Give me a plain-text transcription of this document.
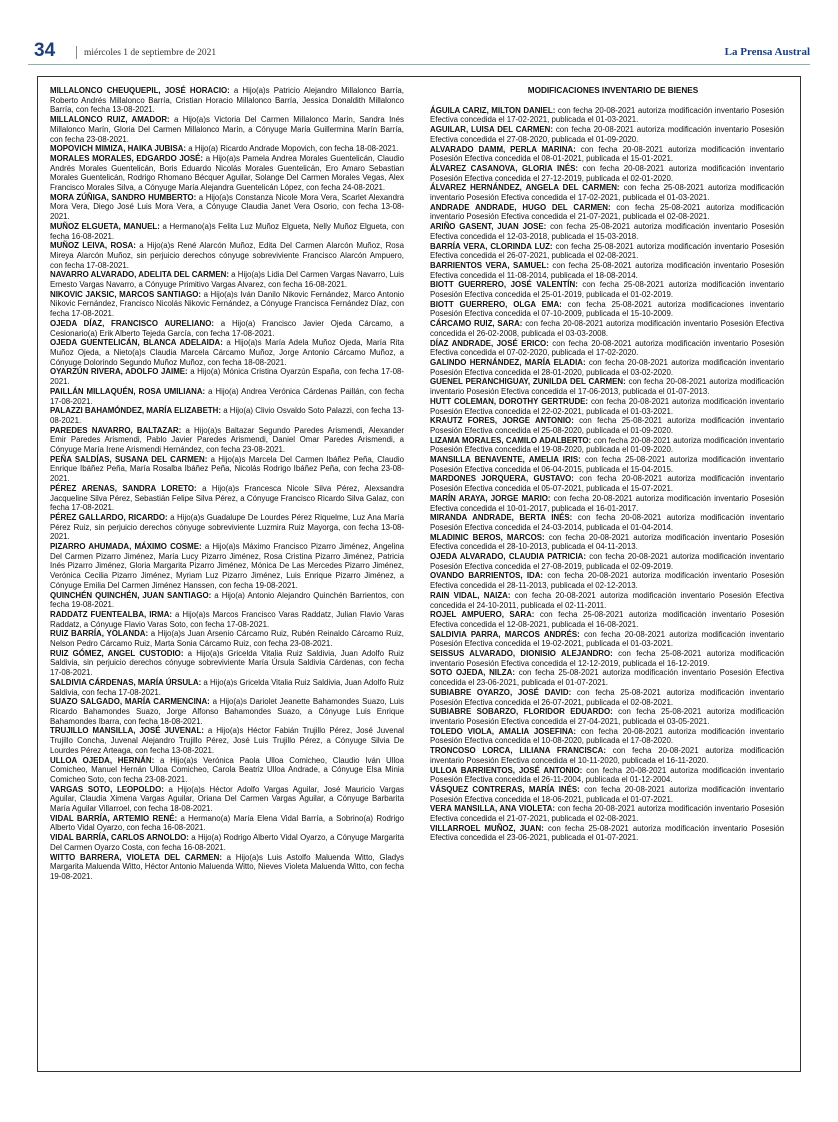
34	miércoles 1 de septiembre de 2021	La Prensa Austral

MILLALONCO CHEUQUEPIL, JOSÉ HORACIO: a Hijo(a)s Patricio Alejandro Millalonco Barría, Roberto Andrés Millalonco Barría, Cristian Horacio Millalonco Barría, Jessica Donaldith Millalonco Barría, con fecha 13-08-2021.

MILLALONCO RUIZ, AMADOR: a Hijo(a)s Victoria Del Carmen Millalonco Marín, Sandra Inés Millalonco Marín, Gloria Del Carmen Millalonco Marín, a Cónyuge María Guillermina Marín Barría, con fecha 23-08-2021.

MOPOVICH MIMIZA, HAIKA JUBISA: a Hijo(a) Ricardo Andrade Mopovich, con fecha 18-08-2021.

MORALES MORALES, EDGARDO JOSÉ: a Hijo(a)s Pamela Andrea Morales Guentelicán, Claudio Andrés Morales Guentelicán, Boris Eduardo Nicolás Morales Guentelicán, Ero Amaro Sebastian Morales Guentelicán, Rodrigo Rhomano Bécquer Aguilar, Solange Del Carmen Morales Vegas, Alex Francisco Morales Silva, a Cónyuge María Alejandra Guentelicán López, con fecha 24-08-2021.

MORA ZÚÑIGA, SANDRO HUMBERTO: a Hijo(a)s Constanza Nicole Mora Vera, Scarlet Alexandra Mora Vera, Diego José Luis Mora Vera, a Cónyuge Claudia Janet Vera Osorio, con fecha 13-08-2021.

MUÑOZ ELGUETA, MANUEL: a Hermano(a)s Felita Luz Muñoz Elgueta, Nelly Muñoz Elgueta, con fecha 16-08-2021.

MUÑOZ LEIVA, ROSA: a Hijo(a)s René Alarcón Muñoz, Edita Del Carmen Alarcón Muñoz, Rosa Mireya Alarcón Muñoz, sin perjuicio derechos cónyuge sobreviviente Francisco Alarcón Ampuero, con fecha 17-08-2021.

NAVARRO ALVARADO, ADELITA DEL CARMEN: a Hijo(a)s Lidia Del Carmen Vargas Navarro, Luis Ernesto Vargas Navarro, a Cónyuge Primitivo Vargas Alvarez, con fecha 16-08-2021.

NIKOVIC JAKSIC, MARCOS SANTIAGO: a Hijo(a)s Iván Danilo Nikovic Fernández, Marco Antonio Nikovic Fernández, Francisco Nicolás Nikovic Fernández, a Cónyuge Francisca Fernández Díaz, con fecha 17-08-2021.

OJEDA DÍAZ, FRANCISCO AURELIANO: a Hijo(a) Francisco Javier Ojeda Cárcamo, a Cesionario(a) Erik Alberto Tejeda García, con fecha 17-08-2021.

OJEDA GUENTELICÁN, BLANCA ADELAIDA: a Hijo(a)s María Adela Muñoz Ojeda, María Rita Muñoz Ojeda, a Nieto(a)s Claudia Marcela Cárcamo Muñoz, Jorge Antonio Cárcamo Muñoz, a Cónyuge Dolorindo Segundo Muñoz Muñoz, con fecha 18-08-2021.

OYARZÚN RIVERA, ADOLFO JAIME: a Hijo(a) Mónica Cristina Oyarzún España, con fecha 17-08-2021.

PAILLÁN MILLAQUÉN, ROSA UMILIANA: a Hijo(a) Andrea Verónica Cárdenas Paillán, con fecha 17-08-2021.

PALAZZI BAHAMÓNDEZ, MARÍA ELIZABETH: a Hijo(a) Clivio Osvaldo Soto Palazzi, con fecha 13-08-2021.

PAREDES NAVARRO, BALTAZAR: a Hijo(a)s Baltazar Segundo Paredes Arismendi, Alexander Emir Paredes Arismendi, Pablo Javier Paredes Arismendi, Daniel Omar Paredes Arismendi, a Cónyuge María Irene Arismendi Hernández, con fecha 23-08-2021.

PEÑA SALDÍAS, SUSANA DEL CARMEN: a Hijo(a)s Marcela Del Carmen Ibáñez Peña, Claudio Enrique Ibáñez Peña, María Rosalba Ibáñez Peña, Nicolás Rodrigo Ibáñez Peña, con fecha 23-08-2021.

PÉREZ ARENAS, SANDRA LORETO: a Hijo(a)s Francesca Nicole Silva Pérez, Alexsandra Jacqueline Silva Pérez, Sebastián Felipe Silva Pérez, a Cónyuge Francisco Ricardo Silva Galaz, con fecha 17-08-2021.

PÉREZ GALLARDO, RICARDO: a Hijo(a)s Guadalupe De Lourdes Pérez Riquelme, Luz Ana María Pérez Ruiz, sin perjuicio derechos cónyuge sobreviviente Luzmira Ruiz Mayorga, con fecha 13-08-2021.

PIZARRO AHUMADA, MÁXIMO COSME: a Hijo(a)s Máximo Francisco Pizarro Jiménez, Angelina Del Carmen Pizarro Jiménez, María Lucy Pizarro Jiménez, Rosa Cristina Pizarro Jiménez, Patricia Inés Pizarro Jiménez, Gloria Margarita Pizarro Jiménez, Mónica De Las Mercedes Pizarro Jiménez, Verónica Cecilia Pizarro Jiménez, Myriam Luz Pizarro Jiménez, Luis Enrique Pizarro Jiménez, a Cónyuge Emilia Del Carmen Jiménez Hanssen, con fecha 19-08-2021.

QUINCHÉN QUINCHÉN, JUAN SANTIAGO: a Hijo(a) Antonio Alejandro Quinchén Barrientos, con fecha 19-08-2021.

RADDATZ FUENTEALBA, IRMA: a Hijo(a)s Marcos Francisco Varas Raddatz, Julian Flavio Varas Raddatz, a Cónyuge Flavio Varas Soto, con fecha 17-08-2021.

RUIZ BARRÍA, YOLANDA: a Hijo(a)s Juan Arsenio Cárcamo Ruiz, Rubén Reinaldo Cárcamo Ruiz, Nelson Pedro Cárcamo Ruiz, Marta Sonia Cárcamo Ruiz, con fecha 23-08-2021.

RUIZ GÓMEZ, ANGEL CUSTODIO: a Hijo(a)s Gricelda Vitalia Ruiz Saldivia, Juan Adolfo Ruiz Saldivia, sin perjuicio derechos cónyuge sobreviviente María Úrsula Saldivia Cárdenas, con fecha 17-08-2021.

SALDIVIA CÁRDENAS, MARÍA ÚRSULA: a Hijo(a)s Gricelda Vitalia Ruiz Saldivia, Juan Adolfo Ruiz Saldivia, con fecha 17-08-2021.

SUAZO SALGADO, MARÍA CARMENCINA: a Hijo(a)s Dariolet Jeanette Bahamondes Suazo, Luis Ricardo Bahamondes Suazo, Jorge Alfonso Bahamondes Suazo, a Cónyuge Luis Enrique Bahamondes Ibarra, con fecha 18-08-2021.

TRUJILLO MANSILLA, JOSÉ JUVENAL: a Hijo(a)s Héctor Fabián Trujillo Pérez, José Juvenal Trujillo Concha, Juvenal Alejandro Trujillo Pérez, José Luis Trujillo Pérez, a Cónyuge Silvia De Lourdes Pérez Arteaga, con fecha 13-08-2021.

ULLOA OJEDA, HERNÁN: a Hijo(a)s Verónica Paola Ulloa Comicheo, Claudio Iván Ulloa Comicheo, Manuel Hernán Ulloa Comicheo, Carola Beatriz Ulloa Andrade, a Cónyuge Elsa Minia Comicheo Soto, con fecha 23-08-2021.

VARGAS SOTO, LEOPOLDO: a Hijo(a)s Héctor Adolfo Vargas Aguilar, José Mauricio Vargas Aguilar, Claudia Ximena Vargas Aguilar, Oriana Del Carmen Vargas Aguilar, a Cónyuge Barbarita María Aguilar Villarroel, con fecha 18-08-2021.

VIDAL BARRÍA, ARTEMIO RENÉ: a Hermano(a) María Elena Vidal Barría, a Sobrino(a) Rodrigo Alberto Vidal Oyarzo, con fecha 16-08-2021.

VIDAL BARRÍA, CARLOS ARNOLDO: a Hijo(a) Rodrigo Alberto Vidal Oyarzo, a Cónyuge Margarita Del Carmen Oyarzo Costa, con fecha 16-08-2021.

WITTO BARRERA, VIOLETA DEL CARMEN: a Hijo(a)s Luis Astolfo Maluenda Witto, Gladys Margarita Maluenda Witto, Héctor Antonio Maluenda Witto, Nieves Violeta Maluenda Witto, con fecha 19-08-2021.

MODIFICACIONES INVENTARIO DE BIENES

ÁGUILA CARIZ, MILTON DANIEL: con fecha 20-08-2021 autoriza modificación inventario Posesión Efectiva concedida el 17-02-2021, publicada el 01-03-2021.

AGUILAR, LUISA DEL CARMEN: con fecha 20-08-2021 autoriza modificación inventario Posesión Efectiva concedida el 27-08-2020, publicada el 01-09-2020.

ALVARADO DAMM, PERLA MARINA: con fecha 20-08-2021 autoriza modificación inventario Posesión Efectiva concedida el 08-01-2021, publicada el 15-01-2021.

ÁLVAREZ CASANOVA, GLORIA INÉS: con fecha 20-08-2021 autoriza modificación inventario Posesión Efectiva concedida el 27-12-2019, publicada el 02-01-2020.

ÁLVAREZ HERNÁNDEZ, ANGELA DEL CARMEN: con fecha 25-08-2021 autoriza modificación inventario Posesión Efectiva concedida el 17-02-2021, publicada el 01-03-2021.

ANDRADE ANDRADE, HUGO DEL CARMEN: con fecha 25-08-2021 autoriza modificación inventario Posesión Efectiva concedida el 21-07-2021, publicada el 02-08-2021.

ARIÑO GASENT, JUAN JOSE: con fecha 25-08-2021 autoriza modificación inventario Posesión Efectiva concedida el 12-03-2018, publicada el 15-03-2018.

BARRÍA VERA, CLORINDA LUZ: con fecha 25-08-2021 autoriza modificación inventario Posesión Efectiva concedida el 26-07-2021, publicada el 02-08-2021.

BARRIENTOS VERA, SAMUEL: con fecha 25-08-2021 autoriza modificación inventario Posesión Efectiva concedida el 11-08-2014, publicada el 18-08-2014.

BIOTT GUERRERO, JOSÉ VALENTÍN: con fecha 25-08-2021 autoriza modificación inventario Posesión Efectiva concedida el 25-01-2019, publicada el 01-02-2019.

BIOTT GUERRERO, OLGA EMA: con fecha 25-08-2021 autoriza modificaciones inventario Posesión Efectiva concedida el 07-10-2009, publicada el 15-10-2009.

CÁRCAMO RUIZ, SARA: con fecha 20-08-2021 autoriza modificación inventario Posesión Efectiva concedida el 26-02-2008, publicada el 03-03-2008.

DÍAZ ANDRADE, JOSÉ ERICO: con fecha 20-08-2021 autoriza modificación inventario Posesión Efectiva concedida el 07-02-2020, publicada el 17-02-2020.

GALINDO HERNÁNDEZ, MARÍA ELADIA: con fecha 20-08-2021 autoriza modificación inventario Posesión Efectiva concedida el 28-01-2020, publicada el 03-02-2020.

GUENEL PERANCHIGUAY, ZUNILDA DEL CARMEN: con fecha 20-08-2021 autoriza modificación inventario Posesión Efectiva concedida el 17-06-2013, publicada el 01-07-2013.

HUTT COLEMAN, DOROTHY GERTRUDE: con fecha 20-08-2021 autoriza modificación inventario Posesión Efectiva concedida el 22-02-2021, publicada el 01-03-2021.

KRAUTZ FORES, JORGE ANTONIO: con fecha 25-08-2021 autoriza modificación inventario Posesión Efectiva concedida el 25-08-2020, publicada el 01-09-2020.

LIZAMA MORALES, CAMILO ADALBERTO: con fecha 20-08-2021 autoriza modificación inventario Posesión Efectiva concedida el 19-08-2020, publicada el 01-09-2020.

MANSILLA BENAVENTE, AMELIA IRIS: con fecha 25-08-2021 autoriza modificación inventario Posesión Efectiva concedida el 06-04-2015, publicada el 15-04-2015.

MARDONES JORQUERA, GUSTAVO: con fecha 20-08-2021 autoriza modificación inventario Posesión Efectiva concedida el 05-07-2021, publicada el 15-07-2021.

MARÍN ARAYA, JORGE MARIO: con fecha 20-08-2021 autoriza modificación inventario Posesión Efectiva concedida el 10-01-2017, publicada el 16-01-2017.

MIRANDA ANDRADE, BERTA INÉS: con fecha 20-08-2021 autoriza modificación inventario Posesión Efectiva concedida el 24-03-2014, publicada el 01-04-2014.

MLADINIC BEROS, MARCOS: con fecha 20-08-2021 autoriza modificación inventario Posesión Efectiva concedida el 28-10-2013, publicada el 04-11-2013.

OJEDA ALVARADO, CLAUDIA PATRICIA: con fecha 20-08-2021 autoriza modificación inventario Posesión Efectiva concedida el 27-08-2019, publicada el 02-09-2019.

OVANDO BARRIENTOS, IDA: con fecha 20-08-2021 autoriza modificación inventario Posesión Efectiva concedida el 28-11-2013, publicada el 02-12-2013.

RAIN VIDAL, NAIZA: con fecha 20-08-2021 autoriza modificación inventario Posesión Efectiva concedida el 24-10-2011, publicada el 02-11-2011.

ROJEL AMPUERO, SARA: con fecha 25-08-2021 autoriza modificación inventario Posesión Efectiva concedida el 12-08-2021, publicada el 16-08-2021.

SALDIVIA PARRA, MARCOS ANDRÉS: con fecha 20-08-2021 autoriza modificación inventario Posesión Efectiva concedida el 19-02-2021, publicada el 01-03-2021.

SEISSUS ALVARADO, DIONISIO ALEJANDRO: con fecha 25-08-2021 autoriza modificación inventario Posesión Efectiva concedida el 12-12-2019, publicada el 16-12-2019.

SOTO OJEDA, NILZA: con fecha 25-08-2021 autoriza modificación inventario Posesión Efectiva concedida el 23-06-2021, publicada el 01-07-2021.

SUBIABRE OYARZO, JOSÉ DAVID: con fecha 25-08-2021 autoriza modificación inventario Posesión Efectiva concedida el 26-07-2021, publicada el 02-08-2021.

SUBIABRE SOBARZO, FLORIDOR EDUARDO: con fecha 25-08-2021 autoriza modificación inventario Posesión Efectiva concedida el 27-04-2021, publicada el 03-05-2021.

TOLEDO VIOLA, AMALIA JOSEFINA: con fecha 20-08-2021 autoriza modificación inventario Posesión Efectiva concedida el 10-08-2020, publicada el 17-08-2020.

TRONCOSO LORCA, LILIANA FRANCISCA: con fecha 20-08-2021 autoriza modificación inventario Posesión Efectiva concedida el 10-11-2020, publicada el 16-11-2020.

ULLOA BARRIENTOS, JOSÉ ANTONIO: con fecha 20-08-2021 autoriza modificación inventario Posesión Efectiva concedida el 26-11-2004, publicada el 01-12-2004.

VÁSQUEZ CONTRERAS, MARÍA INÉS: con fecha 20-08-2021 autoriza modificación inventario Posesión Efectiva concedida el 18-06-2021, publicada el 01-07-2021.

VERA MANSILLA, ANA VIOLETA: con fecha 20-08-2021 autoriza modificación inventario Posesión Efectiva concedida el 21-07-2021, publicada el 02-08-2021.

VILLARROEL MUÑOZ, JUAN: con fecha 25-08-2021 autoriza modificación inventario Posesión Efectiva concedida el 23-06-2021, publicada el 01-07-2021.
